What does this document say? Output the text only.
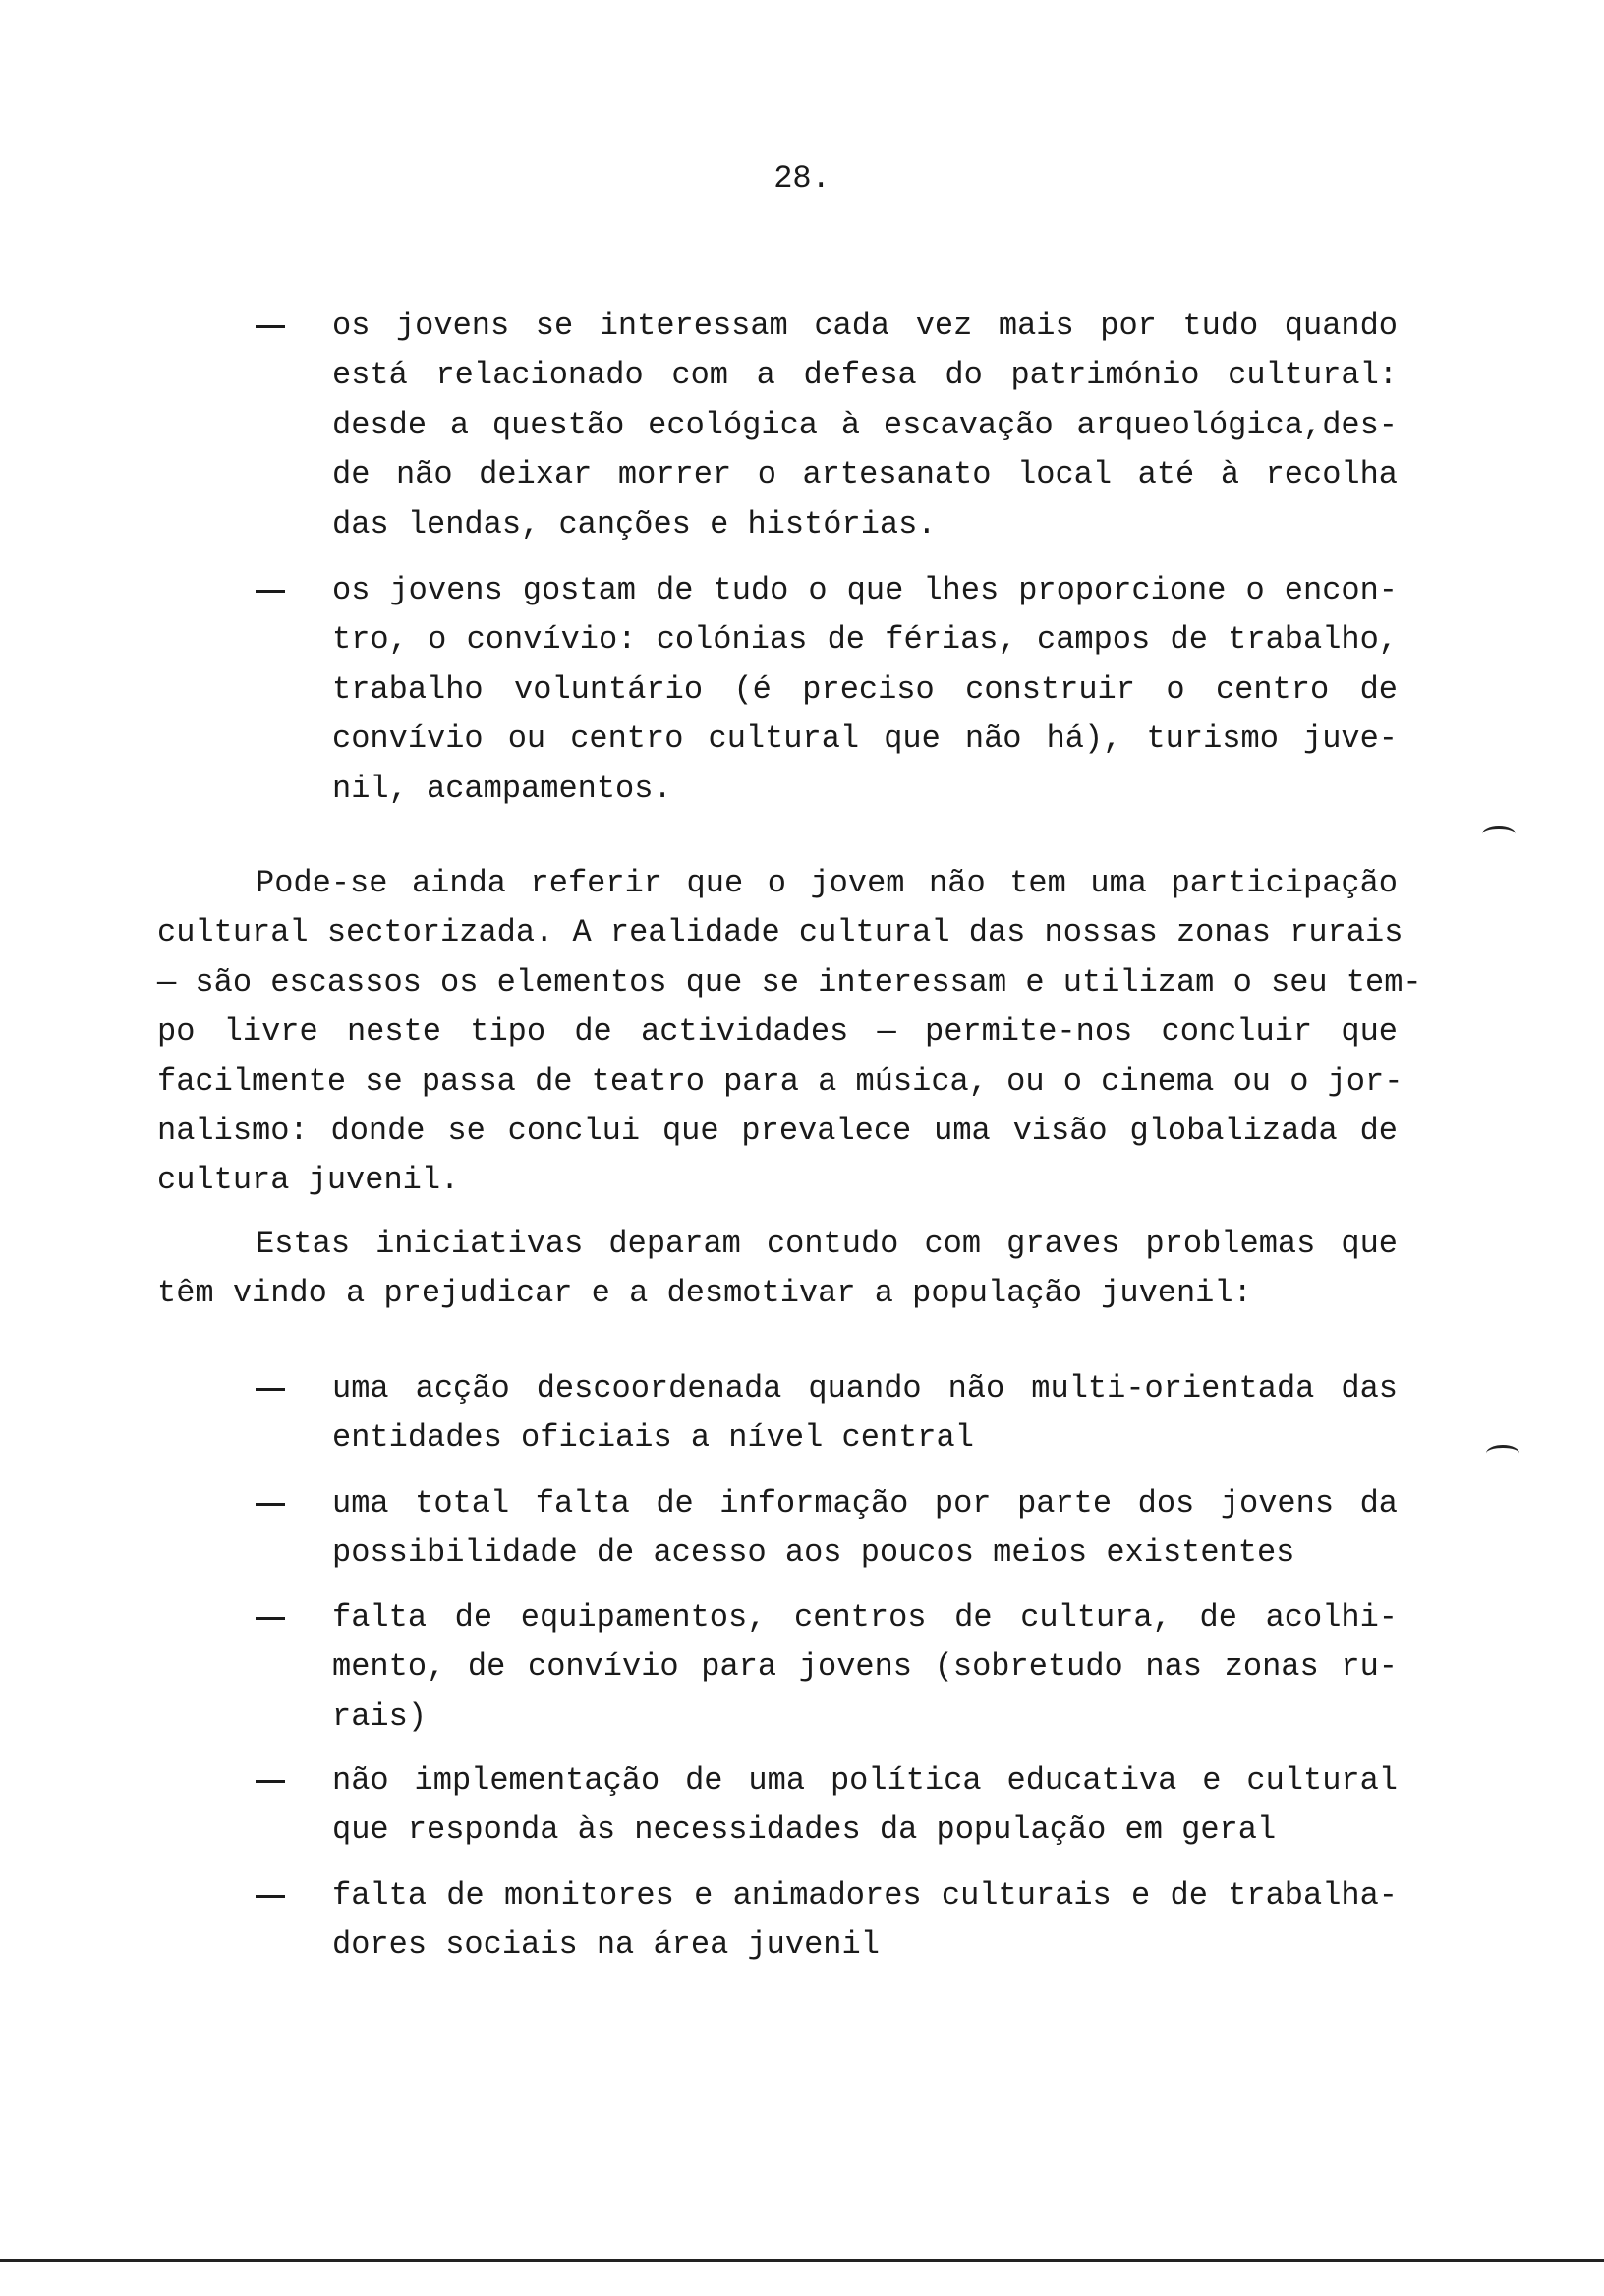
28.
os jovens se interessam cada vez mais por tudo quando
está relacionado com a defesa do património cultural:
desde a questão ecológica à escavação arqueológica,des-
de não deixar morrer o artesanato local até à recolha
das lendas, canções e histórias.
os jovens gostam de tudo o que lhes proporcione o encon-
tro, o convívio: colónias de férias, campos de trabalho,
trabalho voluntário (é preciso construir o centro de
convívio ou centro cultural que não há), turismo juve-
nil, acampamentos.
Pode-se ainda referir que o jovem não tem uma participação
cultural sectorizada. A realidade cultural das nossas zonas rurais
— são escassos os elementos que se interessam e utilizam o seu tem-
po livre neste tipo de actividades — permite-nos concluir que
facilmente se passa de teatro para a música, ou o cinema ou o jor-
nalismo: donde se conclui que prevalece uma visão globalizada de
cultura juvenil.
Estas iniciativas deparam contudo com graves problemas que
têm vindo a prejudicar e a desmotivar a população juvenil:
uma acção descoordenada quando não multi-orientada das
entidades oficiais a nível central
uma total falta de informação por parte dos jovens da
possibilidade de acesso aos poucos meios existentes
falta de equipamentos, centros de cultura, de acolhi-
mento, de convívio para jovens (sobretudo nas zonas ru-
rais)
não implementação de uma política educativa e cultural
que responda às necessidades da população em geral
falta de monitores e animadores culturais e de trabalha-
dores sociais na área juvenil
